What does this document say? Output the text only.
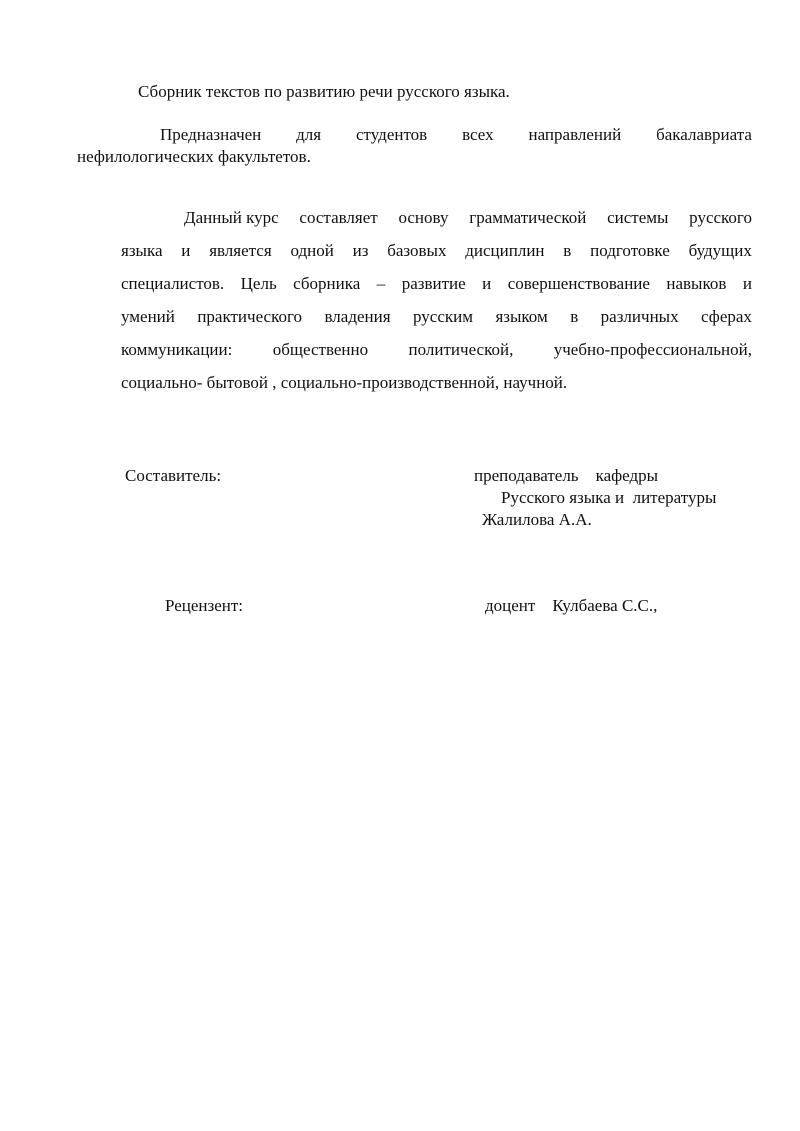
Сборник текстов по развитию речи русского языка.
Предназначен для студентов всех направлений бакалавриата
нефилологических факультетов.
Данный курс составляет основу грамматической системы русского
языка и является одной из базовых дисциплин в подготовке будущих
специалистов. Цель сборника – развитие и совершенствование навыков и
умений практического владения русским языком в различных сферах
коммуникации: общественно политической, учебно-профессиональной,
социально- бытовой , социально-производственной, научной.
Составитель:	преподаватель    кафедры
Русского языка и  литературы
Жалилова А.А.
Рецензент:	доцент    Кулбаева С.С.,
